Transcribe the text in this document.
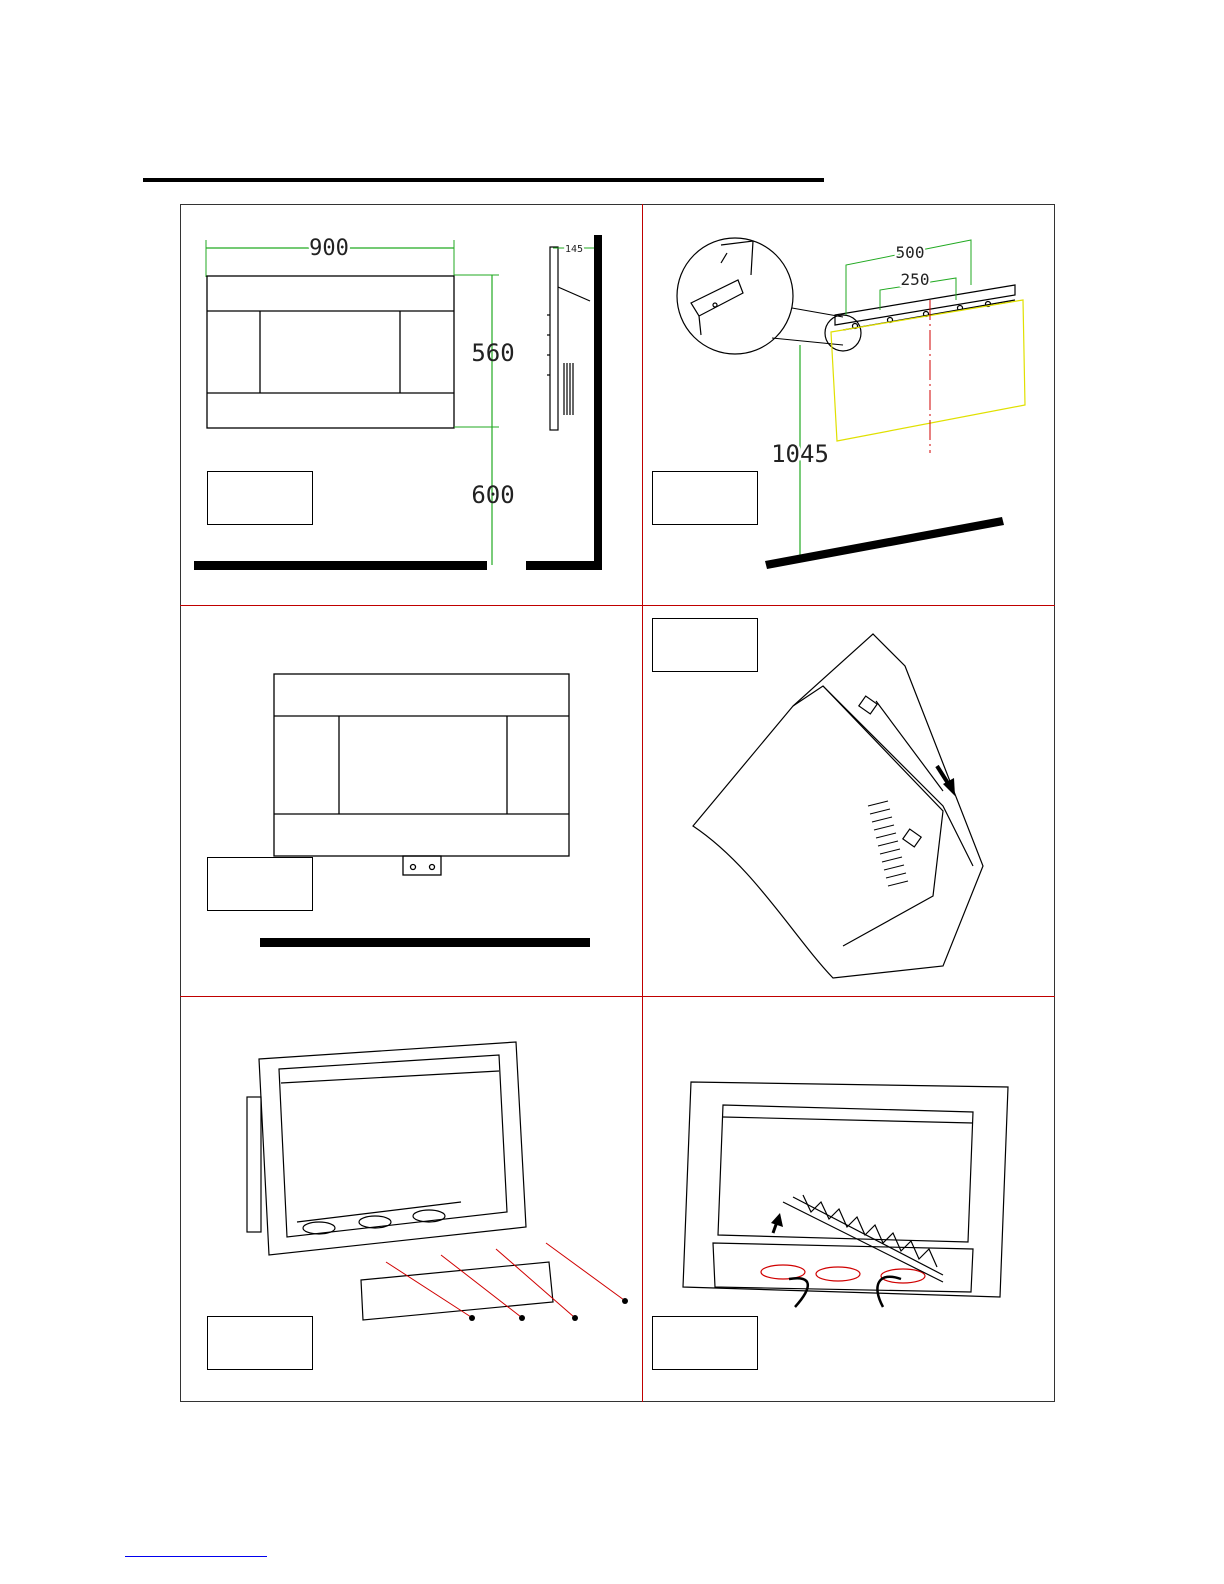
900
560
600
145	500
250
1045
